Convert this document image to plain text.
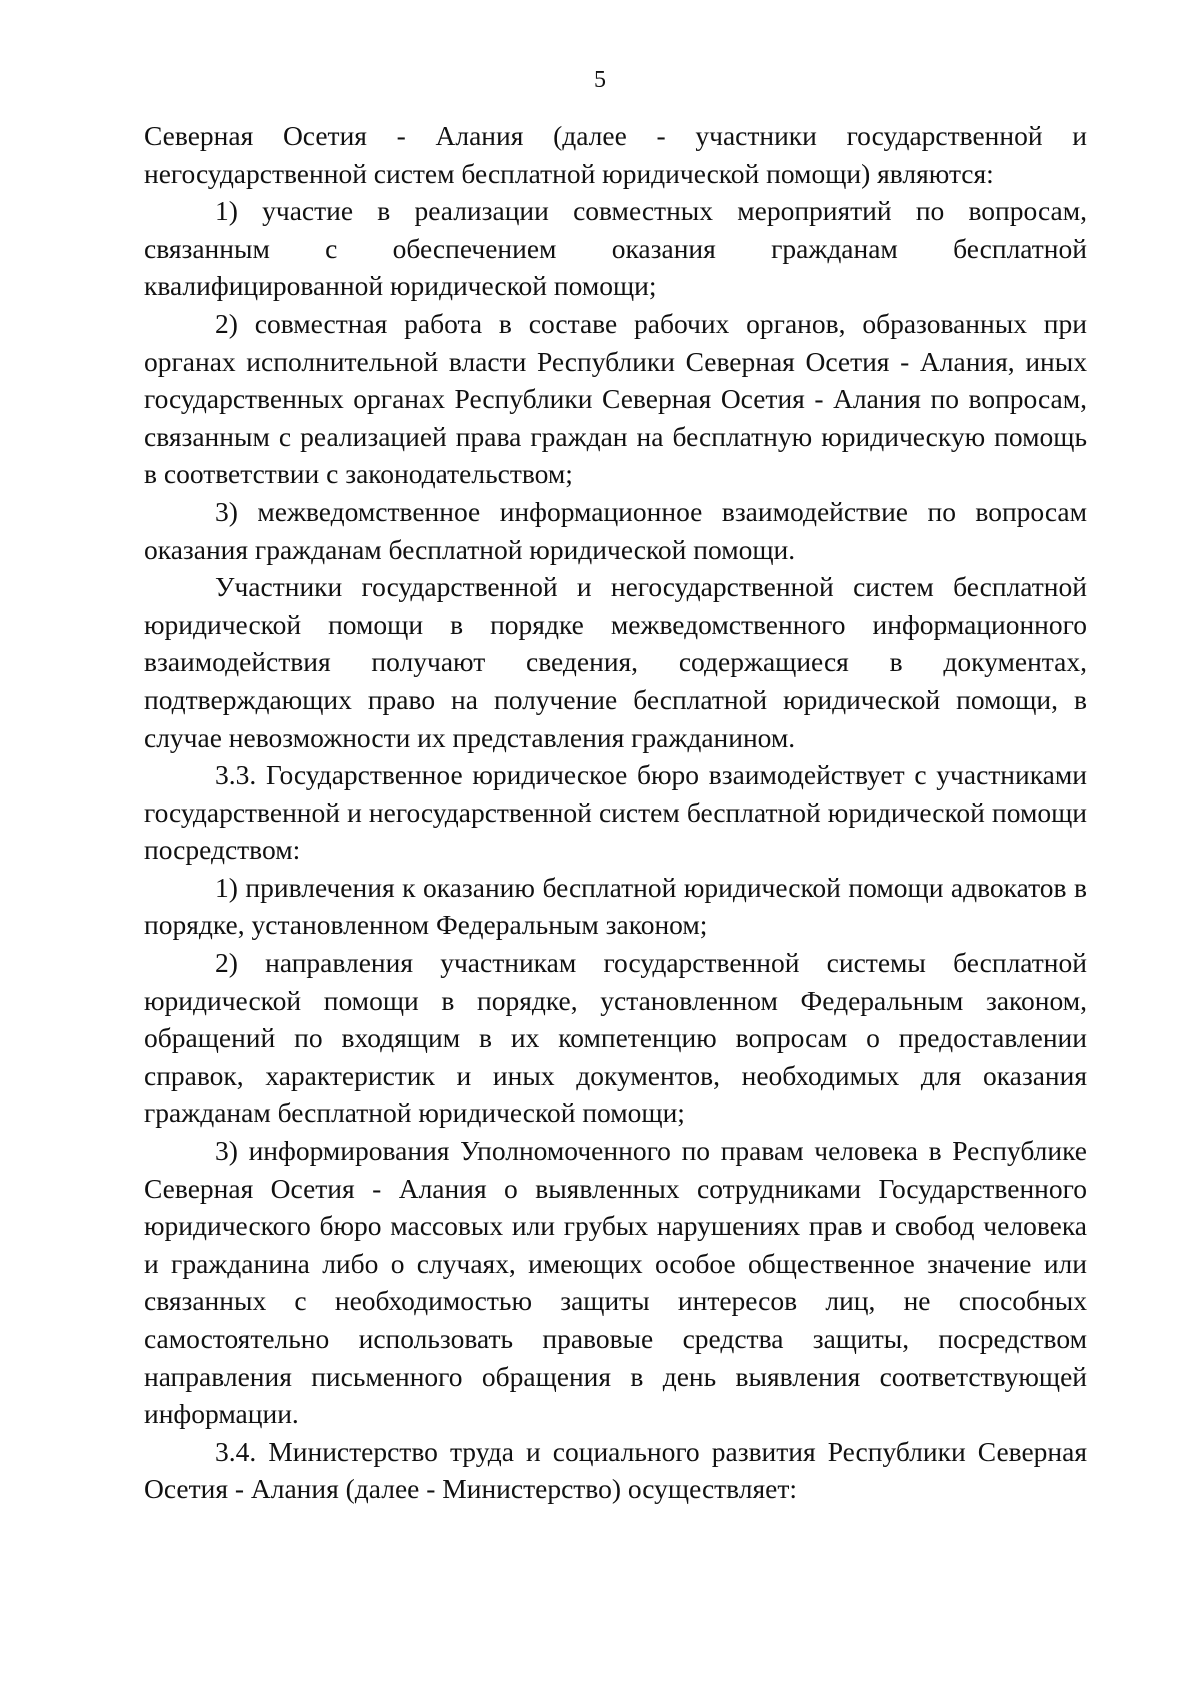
5

Северная Осетия - Алания (далее - участники государственной и негосударственной систем бесплатной юридической помощи) являются:

1) участие в реализации совместных мероприятий по вопросам, связанным с обеспечением оказания гражданам бесплатной квалифицированной юридической помощи;

2) совместная работа в составе рабочих органов, образованных при органах исполнительной власти Республики Северная Осетия - Алания, иных государственных органах Республики Северная Осетия - Алания по вопросам, связанным с реализацией права граждан на бесплатную юридическую помощь в соответствии с законодательством;

3) межведомственное информационное взаимодействие по вопросам оказания гражданам бесплатной юридической помощи.

Участники государственной и негосударственной систем бесплатной юридической помощи в порядке межведомственного информационного взаимодействия получают сведения, содержащиеся в документах, подтверждающих право на получение бесплатной юридической помощи, в случае невозможности их представления гражданином.

3.3. Государственное юридическое бюро взаимодействует с участниками государственной и негосударственной систем бесплатной юридической помощи посредством:

1) привлечения к оказанию бесплатной юридической помощи адвокатов в порядке, установленном Федеральным законом;

2) направления участникам государственной системы бесплатной юридической помощи в порядке, установленном Федеральным законом, обращений по входящим в их компетенцию вопросам о предоставлении справок, характеристик и иных документов, необходимых для оказания гражданам бесплатной юридической помощи;

3) информирования Уполномоченного по правам человека в Республике Северная Осетия - Алания о выявленных сотрудниками Государственного юридического бюро массовых или грубых нарушениях прав и свобод человека и гражданина либо о случаях, имеющих особое общественное значение или связанных с необходимостью защиты интересов лиц, не способных самостоятельно использовать правовые средства защиты, посредством направления письменного обращения в день выявления соответствующей информации.

3.4. Министерство труда и социального развития Республики Северная Осетия - Алания (далее - Министерство) осуществляет:
